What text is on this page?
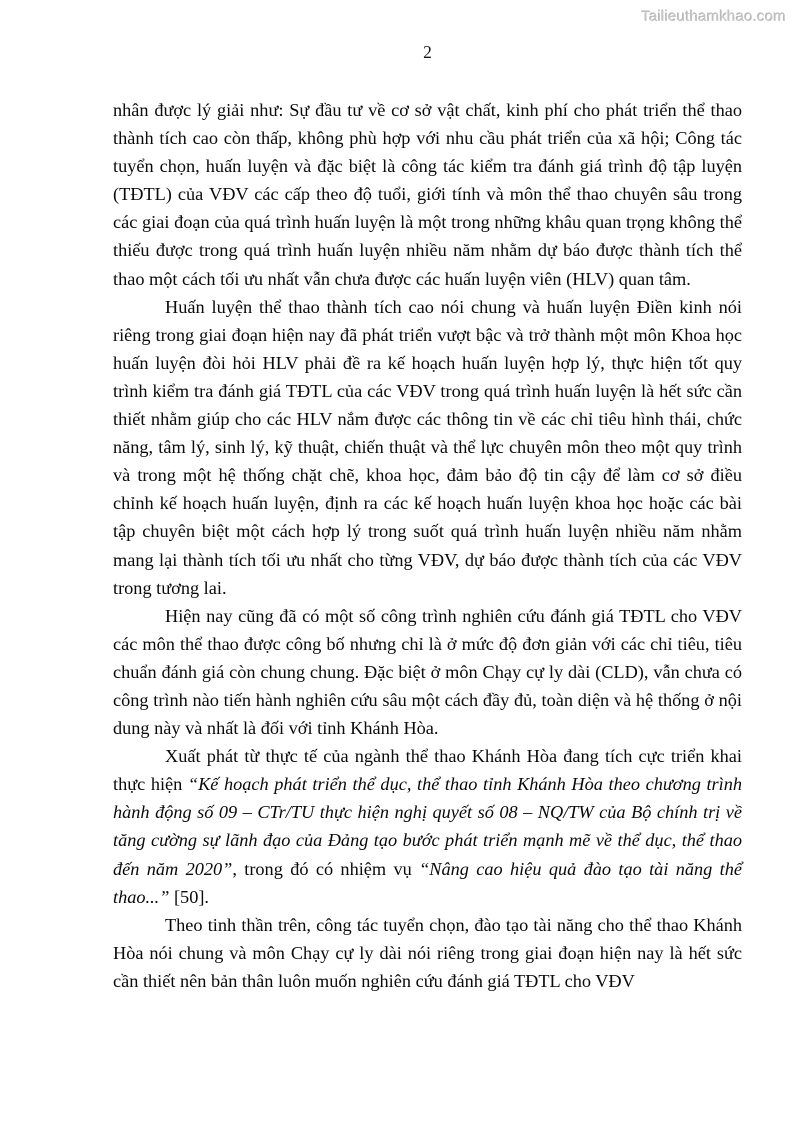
Tailieuthamkhao.com
2

nhân được lý giải như: Sự đầu tư về cơ sở vật chất, kinh phí cho phát triển thể thao thành tích cao còn thấp, không phù hợp với nhu cầu phát triển của xã hội; Công tác tuyển chọn, huấn luyện và đặc biệt là công tác kiểm tra đánh giá trình độ tập luyện (TĐTL) của VĐV các cấp theo độ tuổi, giới tính và môn thể thao chuyên sâu trong các giai đoạn của quá trình huấn luyện là một trong những khâu quan trọng không thể thiếu được trong quá trình huấn luyện nhiều năm nhằm dự báo được thành tích thể thao một cách tối ưu nhất vẫn chưa được các huấn luyện viên (HLV) quan tâm.

Huấn luyện thể thao thành tích cao nói chung và huấn luyện Điền kinh nói riêng trong giai đoạn hiện nay đã phát triển vượt bậc và trở thành một môn Khoa học huấn luyện đòi hỏi HLV phải đề ra kế hoạch huấn luyện hợp lý, thực hiện tốt quy trình kiểm tra đánh giá TĐTL của các VĐV trong quá trình huấn luyện là hết sức cần thiết nhằm giúp cho các HLV nắm được các thông tin về các chỉ tiêu hình thái, chức năng, tâm lý, sinh lý, kỹ thuật, chiến thuật và thể lực chuyên môn theo một quy trình và trong một hệ thống chặt chẽ, khoa học, đảm bảo độ tin cậy để làm cơ sở điều chỉnh kế hoạch huấn luyện, định ra các kế hoạch huấn luyện khoa học hoặc các bài tập chuyên biệt một cách hợp lý trong suốt quá trình huấn luyện nhiều năm nhằm mang lại thành tích tối ưu nhất cho từng VĐV, dự báo được thành tích của các VĐV trong tương lai.

Hiện nay cũng đã có một số công trình nghiên cứu đánh giá TĐTL cho VĐV các môn thể thao được công bố nhưng chỉ là ở mức độ đơn giản với các chỉ tiêu, tiêu chuẩn đánh giá còn chung chung. Đặc biệt ở môn Chạy cự ly dài (CLD), vẫn chưa có công trình nào tiến hành nghiên cứu sâu một cách đầy đủ, toàn diện và hệ thống ở nội dung này và nhất là đối với tỉnh Khánh Hòa.

Xuất phát từ thực tế của ngành thể thao Khánh Hòa đang tích cực triển khai thực hiện “Kế hoạch phát triển thể dục, thể thao tỉnh Khánh Hòa theo chương trình hành động số 09 – CTr/TU thực hiện nghị quyết số 08 – NQ/TW của Bộ chính trị về tăng cường sự lãnh đạo của Đảng tạo bước phát triển mạnh mẽ về thể dục, thể thao đến năm 2020”, trong đó có nhiệm vụ “Nâng cao hiệu quả đào tạo tài năng thể thao...” [50].

Theo tinh thần trên, công tác tuyển chọn, đào tạo tài năng cho thể thao Khánh Hòa nói chung và môn Chạy cự ly dài nói riêng trong giai đoạn hiện nay là hết sức cần thiết nên bản thân luôn muốn nghiên cứu đánh giá TĐTL cho VĐV
